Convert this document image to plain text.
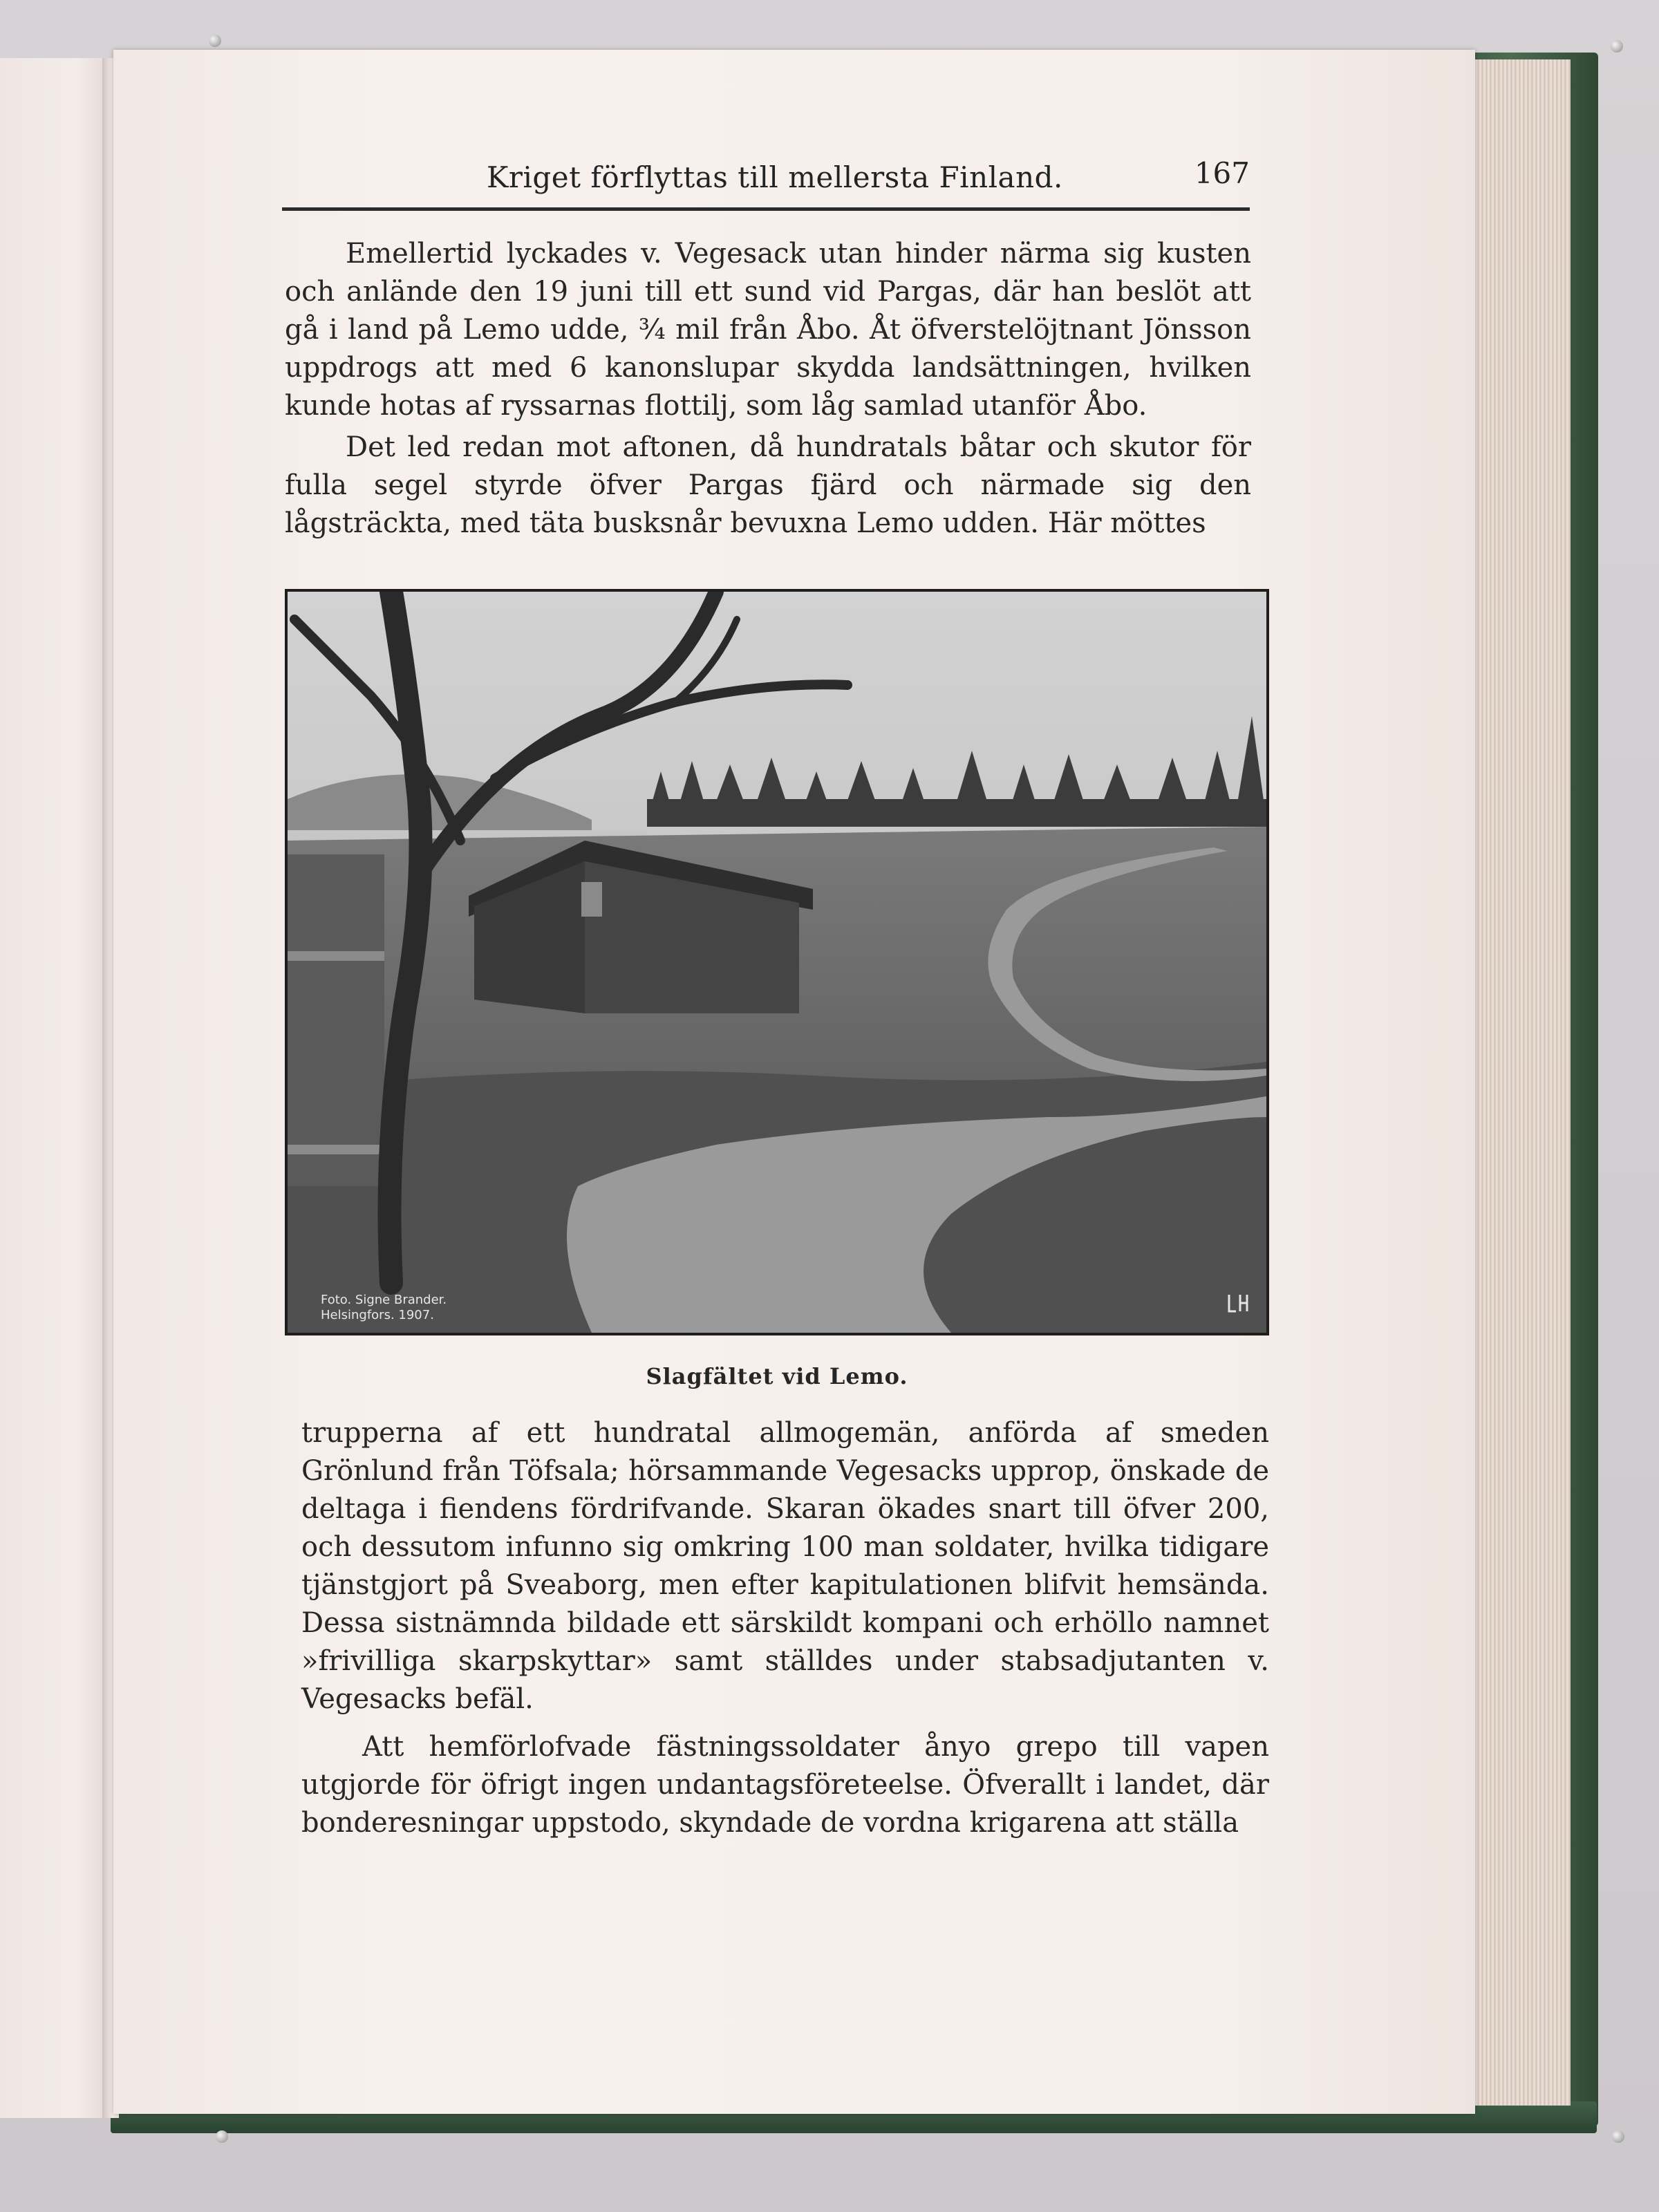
Kriget förflyttas till mellersta Finland.	167

Emellertid lyckades v. Vegesack utan hinder närma sig kusten och anlände den 19 juni till ett sund vid Pargas, där han beslöt att gå i land på Lemo udde, ¾ mil från Åbo. Åt öfverstelöjtnant Jönsson uppdrogs att med 6 kanonslupar skydda landsättningen, hvilken kunde hotas af ryssarnas flottilj, som låg samlad utanför Åbo.

Det led redan mot aftonen, då hundratals båtar och skutor för fulla segel styrde öfver Pargas fjärd och närmade sig den lågsträckta, med täta busksnår bevuxna Lemo udden. Här möttes

Foto. Signe Brander.
Helsingfors. 1907.
Slagfältet vid Lemo.

trupperna af ett hundratal allmogemän, anförda af smeden Grönlund från Töfsala; hörsammande Vegesacks upprop, önskade de deltaga i fiendens fördrifvande. Skaran ökades snart till öfver 200, och dessutom infunno sig omkring 100 man soldater, hvilka tidigare tjänstgjort på Sveaborg, men efter kapitulationen blifvit hemsända. Dessa sistnämnda bildade ett särskildt kompani och erhöllo namnet »frivilliga skarpskyttar» samt ställdes under stabsadjutanten v. Vegesacks befäl.

Att hemförlofvade fästningssoldater ånyo grepo till vapen utgjorde för öfrigt ingen undantagsföreteelse. Öfverallt i landet, där bonderesningar uppstodo, skyndade de vordna krigarena att ställa
